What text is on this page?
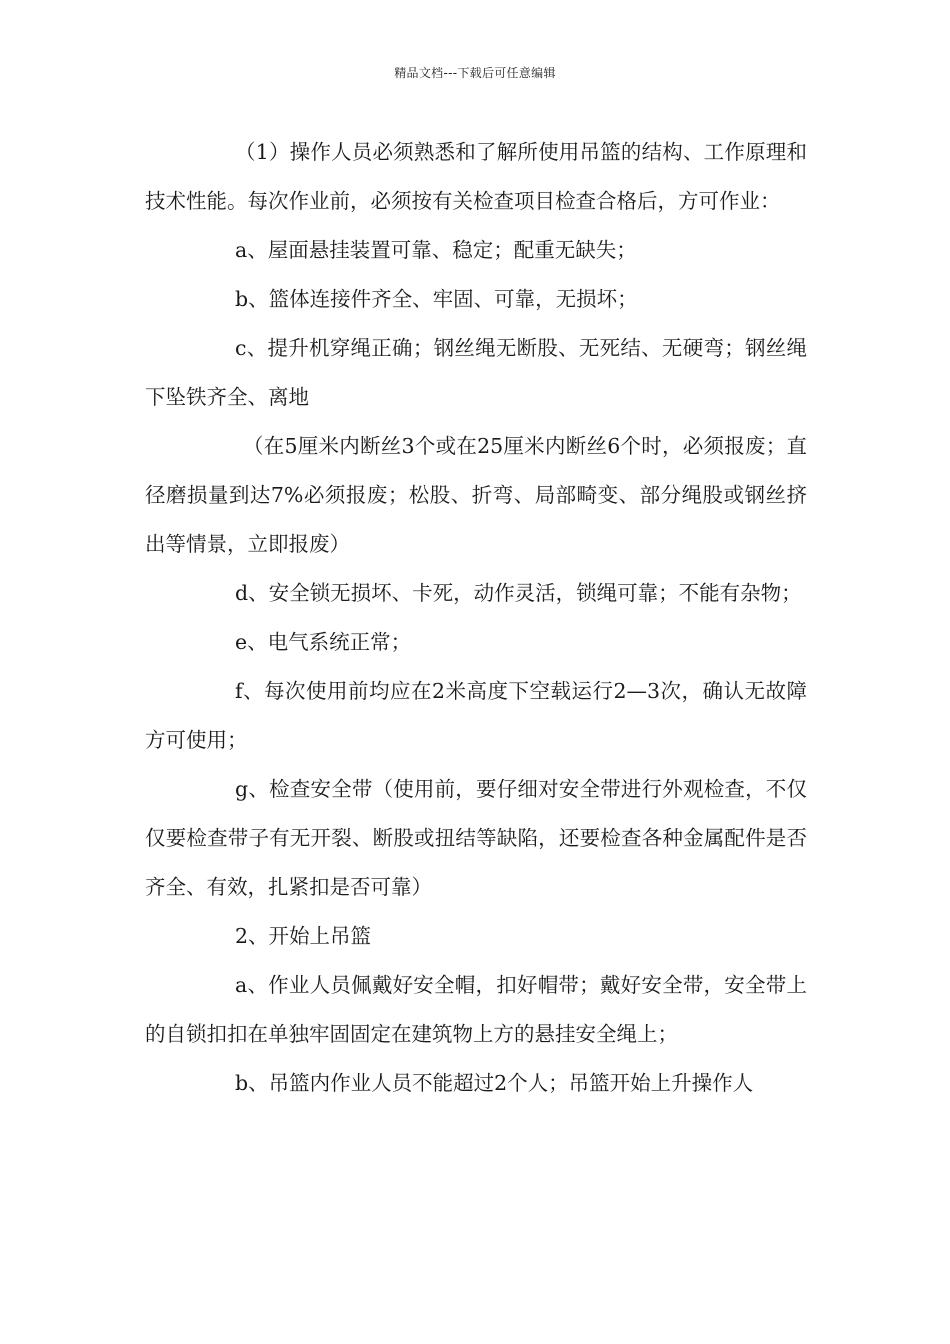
精品文档---下载后可任意编辑

（1）操作人员必须熟悉和了解所使用吊篮的结构、工作原理和技术性能。每次作业前，必须按有关检查项目检查合格后，方可作业：

a、屋面悬挂装置可靠、稳定；配重无缺失；

b、篮体连接件齐全、牢固、可靠，无损坏；

c、提升机穿绳正确；钢丝绳无断股、无死结、无硬弯；钢丝绳下坠铁齐全、离地

（在5厘米内断丝3个或在25厘米内断丝6个时，必须报废；直径磨损量到达7%必须报废；松股、折弯、局部畸变、部分绳股或钢丝挤出等情景，立即报废）

d、安全锁无损坏、卡死，动作灵活，锁绳可靠；不能有杂物；

e、电气系统正常；

f、每次使用前均应在2米高度下空载运行2—3次，确认无故障方可使用；

g、检查安全带（使用前，要仔细对安全带进行外观检查，不仅仅要检查带子有无开裂、断股或扭结等缺陷，还要检查各种金属配件是否齐全、有效，扎紧扣是否可靠）

2、开始上吊篮

a、作业人员佩戴好安全帽，扣好帽带；戴好安全带，安全带上的自锁扣扣在单独牢固固定在建筑物上方的悬挂安全绳上；

b、吊篮内作业人员不能超过2个人；吊篮开始上升操作人
